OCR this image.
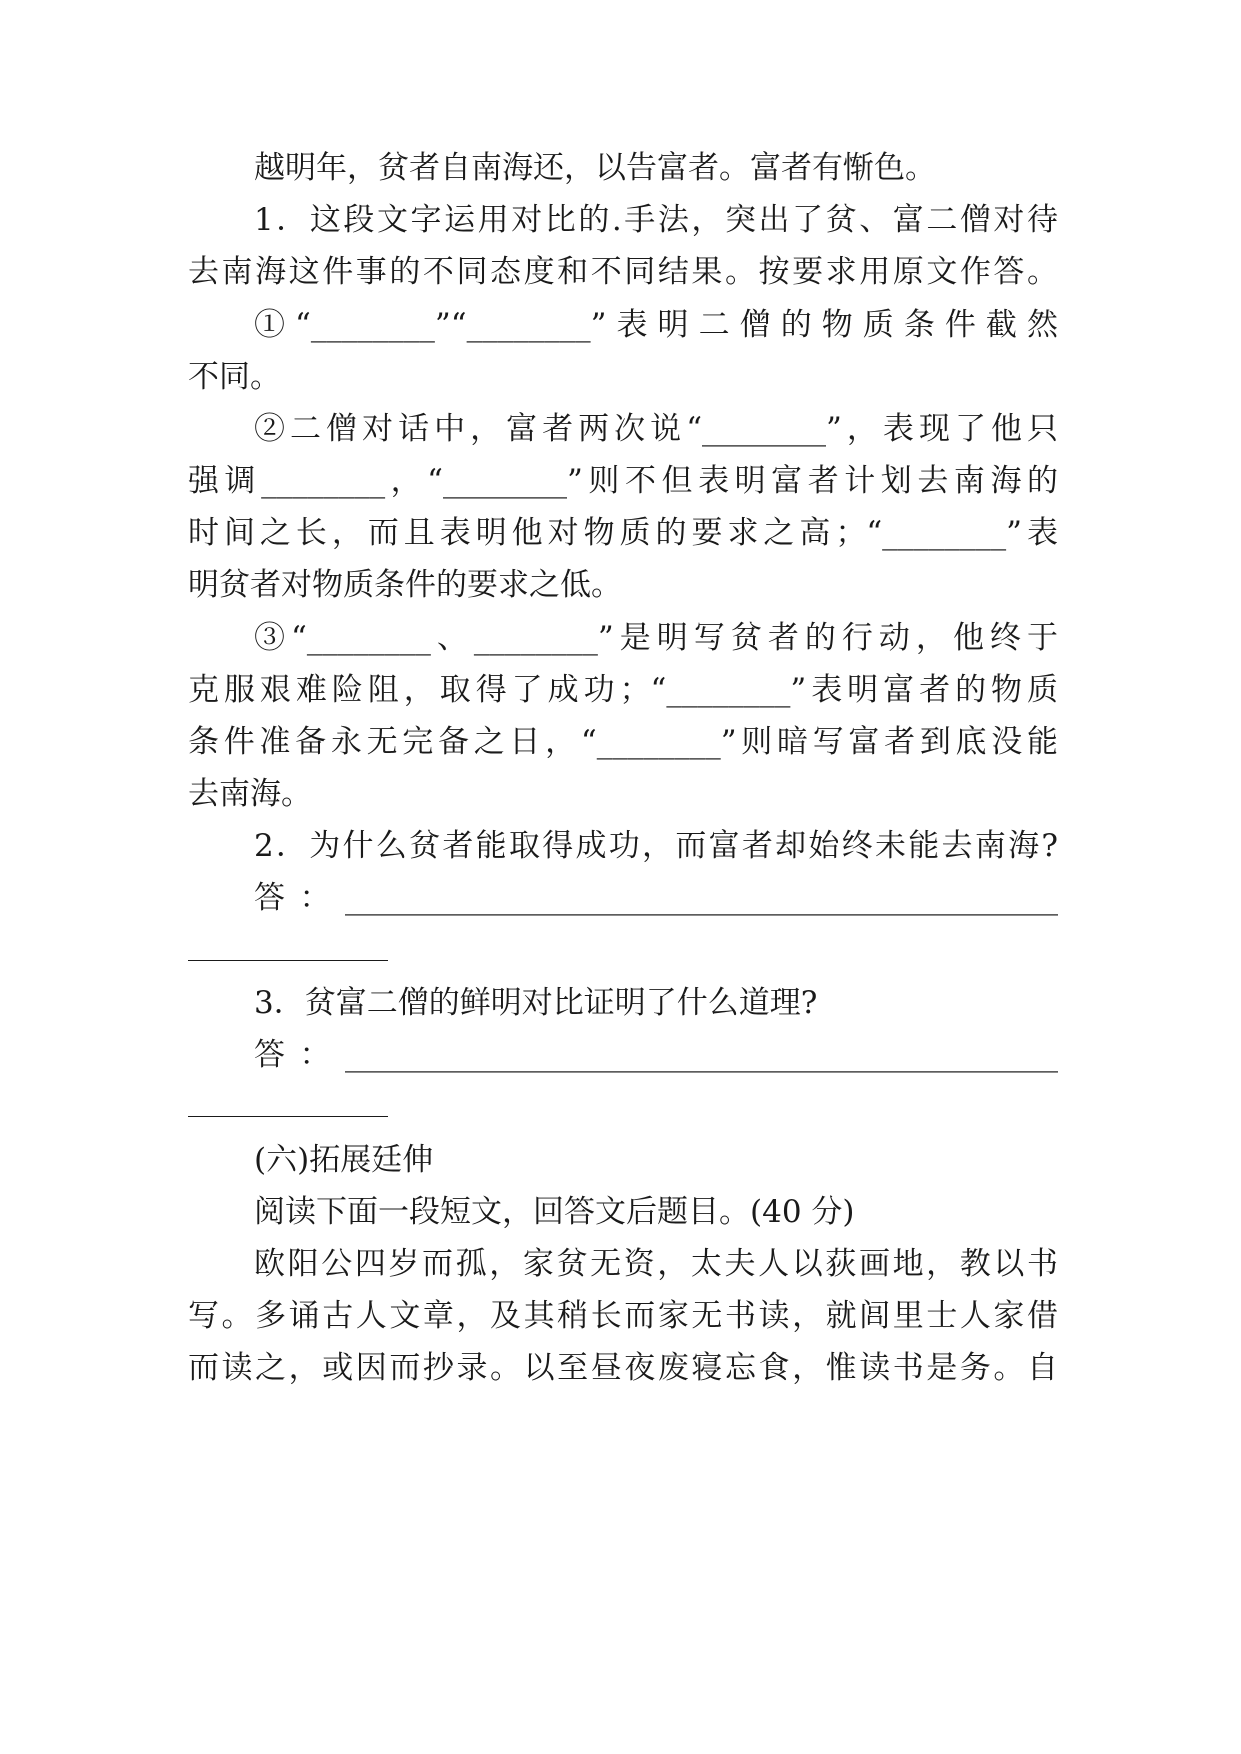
越明年，贫者自南海还，以告富者。富者有惭色。
1．这段文字运用对比的.手法，突出了贫、富二僧对待
去南海这件事的不同态度和不同结果。按要求用原文作答。
①“________”“________”表明二僧的物质条件截然
不同。
②二僧对话中，富者两次说“________”，表现了他只
强调________，“________”则不但表明富者计划去南海的
时间之长，而且表明他对物质的要求之高；“________”表
明贫者对物质条件的要求之低。
③“________、________”是明写贫者的行动，他终于
克服艰难险阻，取得了成功；“________”表明富者的物质
条件准备永无完备之日，“________”则暗写富者到底没能
去南海。
2．为什么贫者能取得成功，而富者却始终未能去南海?
答：______________________________________________
3．贫富二僧的鲜明对比证明了什么道理?
答：______________________________________________
(六)拓展廷伸
阅读下面一段短文，回答文后题目。(40 分)
欧阳公四岁而孤，家贫无资，太夫人以荻画地，教以书
写。多诵古人文章，及其稍长而家无书读，就闾里士人家借
而读之，或因而抄录。以至昼夜废寝忘食，惟读书是务。自
